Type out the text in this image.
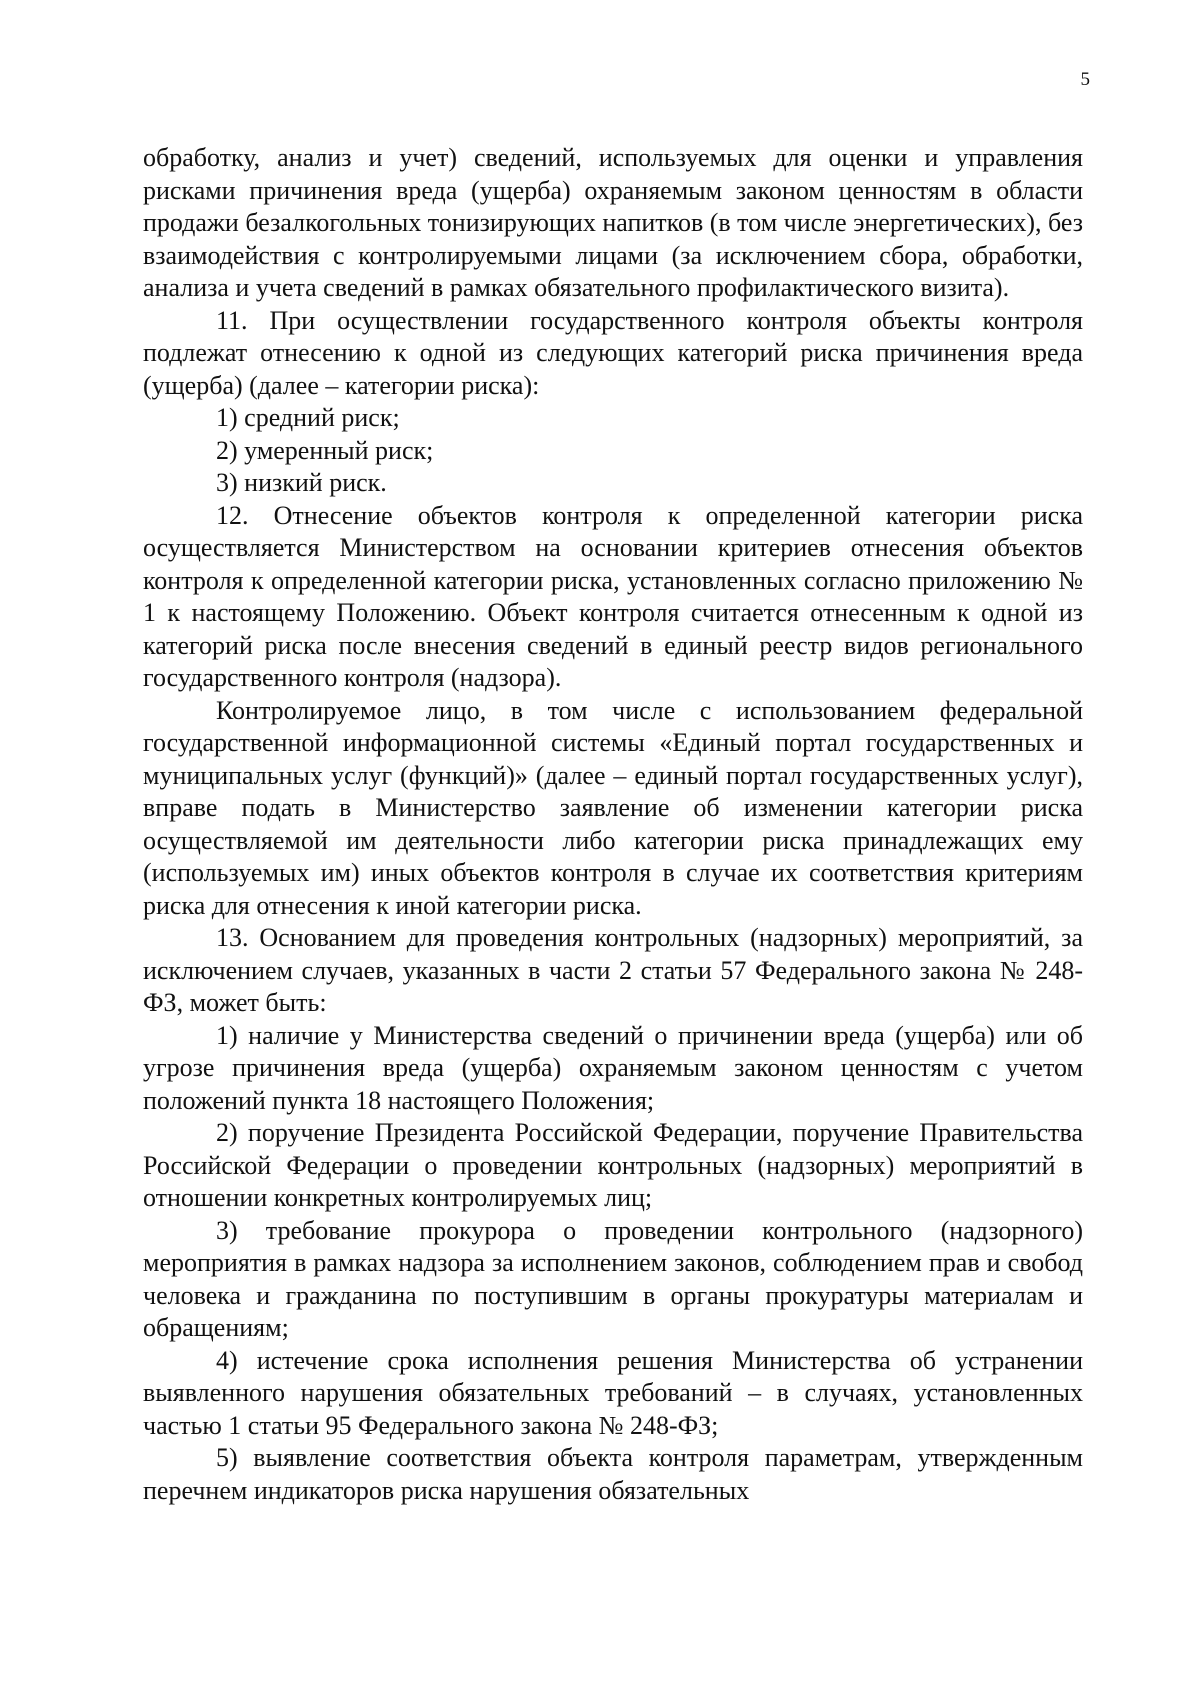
5

обработку, анализ и учет) сведений, используемых для оценки и управления рисками причинения вреда (ущерба) охраняемым законом ценностям в области продажи безалкогольных тонизирующих напитков (в том числе энергетических), без взаимодействия с контролируемыми лицами (за исключением сбора, обработки, анализа и учета сведений в рамках обязательного профилактического визита).

11. При осуществлении государственного контроля объекты контроля подлежат отнесению к одной из следующих категорий риска причинения вреда (ущерба) (далее – категории риска):

1) средний риск;

2) умеренный риск;

3) низкий риск.

12. Отнесение объектов контроля к определенной категории риска осуществляется Министерством на основании критериев отнесения объектов контроля к определенной категории риска, установленных согласно приложению № 1 к настоящему Положению. Объект контроля считается отнесенным к одной из категорий риска после внесения сведений в единый реестр видов регионального государственного контроля (надзора).

Контролируемое лицо, в том числе с использованием федеральной государственной информационной системы «Единый портал государственных и муниципальных услуг (функций)» (далее – единый портал государственных услуг), вправе подать в Министерство заявление об изменении категории риска осуществляемой им деятельности либо категории риска принадлежащих ему (используемых им) иных объектов контроля в случае их соответствия критериям риска для отнесения к иной категории риска.

13. Основанием для проведения контрольных (надзорных) мероприятий, за исключением случаев, указанных в части 2 статьи 57 Федерального закона № 248-ФЗ, может быть:

1) наличие у Министерства сведений о причинении вреда (ущерба) или об угрозе причинения вреда (ущерба) охраняемым законом ценностям с учетом положений пункта 18 настоящего Положения;

2) поручение Президента Российской Федерации, поручение Правительства Российской Федерации о проведении контрольных (надзорных) мероприятий в отношении конкретных контролируемых лиц;

3) требование прокурора о проведении контрольного (надзорного) мероприятия в рамках надзора за исполнением законов, соблюдением прав и свобод человека и гражданина по поступившим в органы прокуратуры материалам и обращениям;

4) истечение срока исполнения решения Министерства об устранении выявленного нарушения обязательных требований – в случаях, установленных частью 1 статьи 95 Федерального закона № 248-ФЗ;

5) выявление соответствия объекта контроля параметрам, утвержденным перечнем индикаторов риска нарушения обязательных
